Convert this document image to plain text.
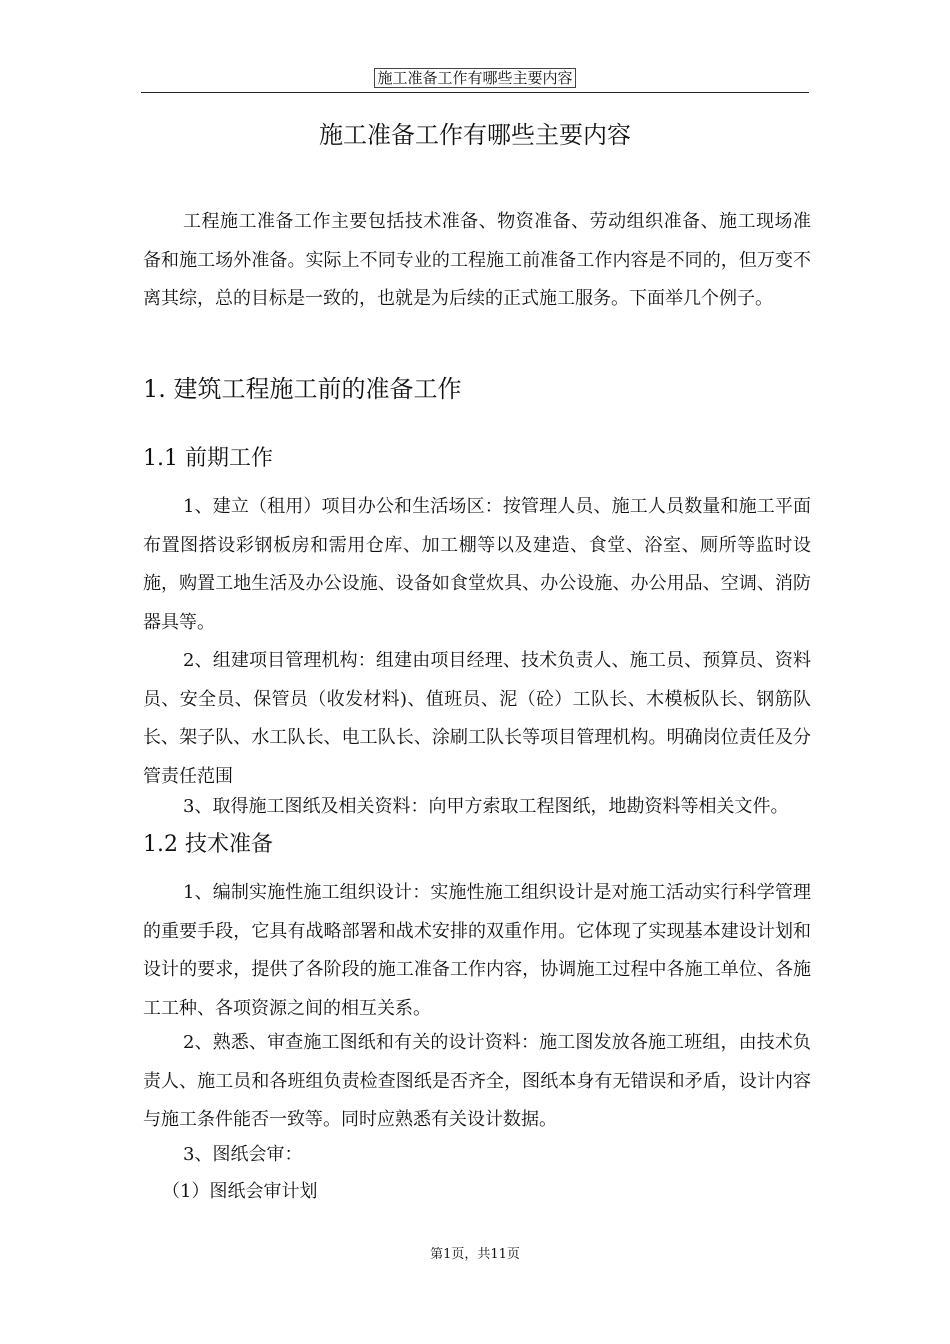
施工准备工作有哪些主要内容
施工准备工作有哪些主要内容

工程施工准备工作主要包括技术准备、物资准备、劳动组织准备、施工现场准备和施工场外准备。实际上不同专业的工程施工前准备工作内容是不同的，但万变不离其综，总的目标是一致的，也就是为后续的正式施工服务。下面举几个例子。

1. 建筑工程施工前的准备工作
1.1 前期工作

1、建立（租用）项目办公和生活场区：按管理人员、施工人员数量和施工平面布置图搭设彩钢板房和需用仓库、加工棚等以及建造、食堂、浴室、厕所等监时设施，购置工地生活及办公设施、设备如食堂炊具、办公设施、办公用品、空调、消防器具等。

2、组建项目管理机构：组建由项目经理、技术负责人、施工员、预算员、资料员、安全员、保管员（收发材料)、值班员、泥（砼）工队长、木模板队长、钢筋队长、架子队、水工队长、电工队长、涂刷工队长等项目管理机构。明确岗位责任及分管责任范围

3、取得施工图纸及相关资料：向甲方索取工程图纸，地勘资料等相关文件。

1.2 技术准备

1、编制实施性施工组织设计：实施性施工组织设计是对施工活动实行科学管理的重要手段，它具有战略部署和战术安排的双重作用。它体现了实现基本建设计划和设计的要求，提供了各阶段的施工准备工作内容，协调施工过程中各施工单位、各施工工种、各项资源之间的相互关系。

2、熟悉、审查施工图纸和有关的设计资料：施工图发放各施工班组，由技术负责人、施工员和各班组负责检查图纸是否齐全，图纸本身有无错误和矛盾，设计内容与施工条件能否一致等。同时应熟悉有关设计数据。

3、图纸会审：

（1）图纸会审计划

第1页，共11页
